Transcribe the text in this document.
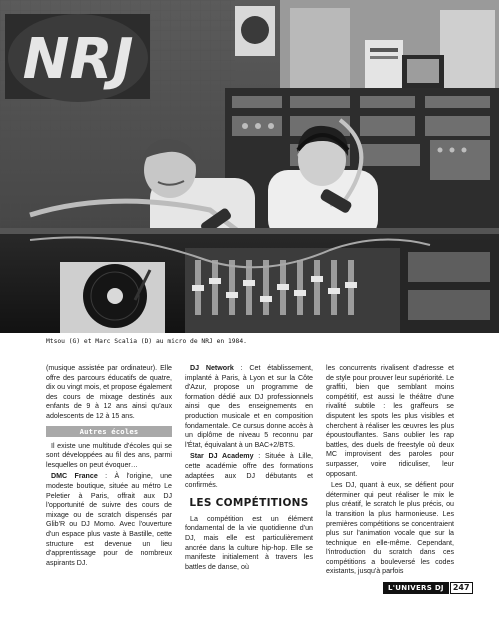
NRJ
Mtsou (G) et Marc Scalia (D) au micro de NRJ en 1984.

(musique assistée par ordinateur). Elle offre des parcours éducatifs de quatre, dix ou vingt mois, et propose également des cours de mixage destinés aux enfants de 9 à 12 ans ainsi qu'aux adolescents de 12 à 15 ans.

Autres écoles

Il existe une multitude d'écoles qui se sont développées au fil des ans, parmi lesquelles on peut évoquer…

DMC France : À l'origine, une modeste boutique, située au métro Le Peletier à Paris, offrait aux DJ l'opportunité de suivre des cours de mixage ou de scratch dispensés par Glib'R ou DJ Momo. Avec l'ouverture d'un espace plus vaste à Bastille, cette structure est devenue un lieu d'apprentissage pour de nombreux aspirants DJ.

DJ Network : Cet établissement, implanté à Paris, à Lyon et sur la Côte d'Azur, propose un programme de formation dédié aux DJ professionnels ainsi que des enseignements en production musicale et en composition fondamentale. Ce cursus donne accès à un diplôme de niveau 5 reconnu par l'État, équivalant à un BAC+2/BTS.

Star DJ Academy : Située à Lille, cette académie offre des formations adaptées aux DJ débutants et confirmés.

LES COMPÉTITIONS

La compétition est un élément fondamental de la vie quotidienne d'un DJ, mais elle est particulièrement ancrée dans la culture hip-hop. Elle se manifeste initialement à travers les battles de danse, où

les concurrents rivalisent d'adresse et de style pour prouver leur supériorité. Le graffiti, bien que semblant moins compétitif, est aussi le théâtre d'une rivalité subtile : les graffeurs se disputent les spots les plus visibles et cherchent à réaliser les œuvres les plus époustouflantes. Sans oublier les rap battles, des duels de freestyle où deux MC improvisent des paroles pour surpasser, voire ridiculiser, leur opposant.

Les DJ, quant à eux, se défient pour déterminer qui peut réaliser le mix le plus créatif, le scratch le plus précis, ou la transition la plus harmonieuse. Les premières compétitions se concentraient plus sur l'animation vocale que sur la technique en elle-même. Cependant, l'introduction du scratch dans ces compétitions a bouleversé les codes existants, jusqu'à parfois

L'UNIVERS DJ	247
